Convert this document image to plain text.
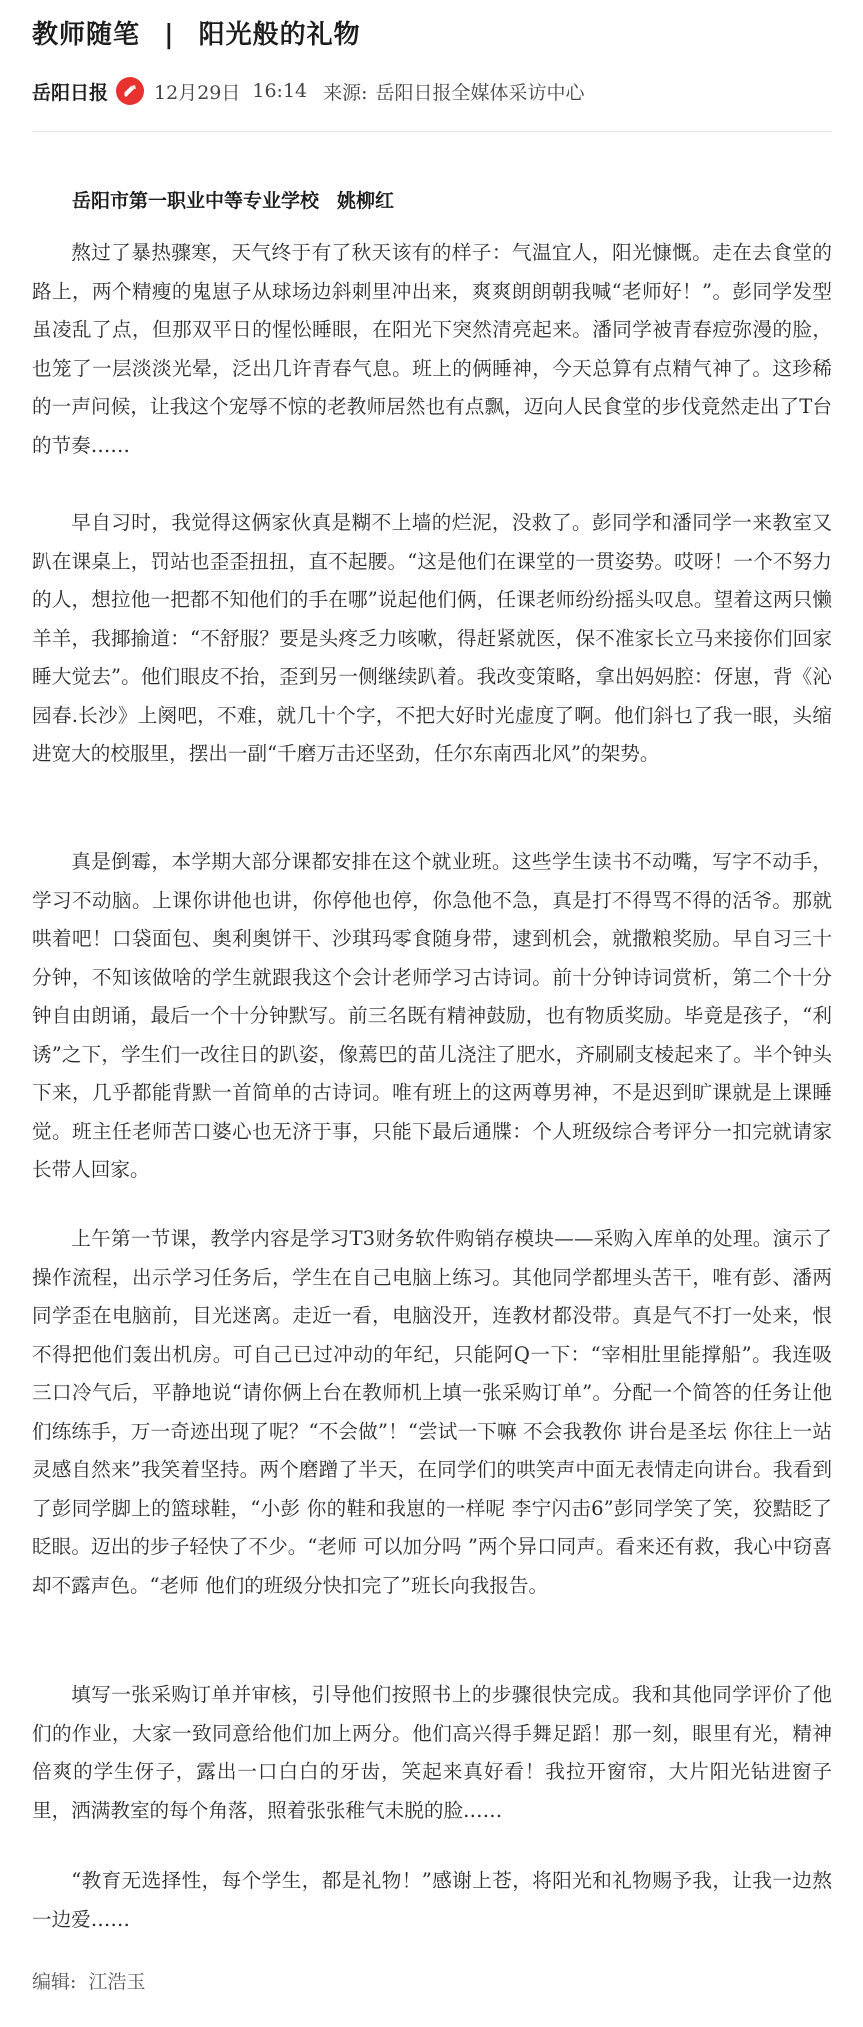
教师随笔 | 阳光般的礼物
岳阳日报 12月29日 16:14 来源: 岳阳日报全媒体采访中心
岳阳市第一职业中等专业学校 姚柳红

熬过了暴热骤寒，天气终于有了秋天该有的样子：气温宜人，阳光慷慨。走在去食堂的路上，两个精瘦的鬼崽子从球场边斜刺里冲出来，爽爽朗朗朝我喊“老师好！”。彭同学发型虽凌乱了点，但那双平日的惺忪睡眼，在阳光下突然清亮起来。潘同学被青春痘弥漫的脸，也笼了一层淡淡光晕，泛出几许青春气息。班上的俩睡神，今天总算有点精气神了。这珍稀的一声问候，让我这个宠辱不惊的老教师居然也有点飘，迈向人民食堂的步伐竟然走出了T台的节奏……

早自习时，我觉得这俩家伙真是糊不上墙的烂泥，没救了。彭同学和潘同学一来教室又趴在课桌上，罚站也歪歪扭扭，直不起腰。“这是他们在课堂的一贯姿势。哎呀！一个不努力的人，想拉他一把都不知他们的手在哪”说起他们俩，任课老师纷纷摇头叹息。望着这两只懒羊羊，我揶揄道：“不舒服？要是头疼乏力咳嗽，得赶紧就医，保不准家长立马来接你们回家睡大觉去”。他们眼皮不抬，歪到另一侧继续趴着。我改变策略，拿出妈妈腔：伢崽，背《沁园春.长沙》上阕吧，不难，就几十个字，不把大好时光虚度了啊。他们斜乜了我一眼，头缩进宽大的校服里，摆出一副“千磨万击还坚劲，任尔东南西北风”的架势。

真是倒霉，本学期大部分课都安排在这个就业班。这些学生读书不动嘴，写字不动手，学习不动脑。上课你讲他也讲，你停他也停，你急他不急，真是打不得骂不得的活爷。那就哄着吧！口袋面包、奥利奥饼干、沙琪玛零食随身带，逮到机会，就撒粮奖励。早自习三十分钟，不知该做啥的学生就跟我这个会计老师学习古诗词。前十分钟诗词赏析，第二个十分钟自由朗诵，最后一个十分钟默写。前三名既有精神鼓励，也有物质奖励。毕竟是孩子，“利诱”之下，学生们一改往日的趴姿，像蔫巴的苗儿浇注了肥水，齐刷刷支棱起来了。半个钟头下来，几乎都能背默一首简单的古诗词。唯有班上的这两尊男神，不是迟到旷课就是上课睡觉。班主任老师苦口婆心也无济于事，只能下最后通牒：个人班级综合考评分一扣完就请家长带人回家。

上午第一节课，教学内容是学习T3财务软件购销存模块——采购入库单的处理。演示了操作流程，出示学习任务后，学生在自己电脑上练习。其他同学都埋头苦干，唯有彭、潘两同学歪在电脑前，目光迷离。走近一看，电脑没开，连教材都没带。真是气不打一处来，恨不得把他们轰出机房。可自己已过冲动的年纪，只能阿Q一下：“宰相肚里能撑船”。我连吸三口冷气后，平静地说“请你俩上台在教师机上填一张采购订单”。分配一个简答的任务让他们练练手，万一奇迹出现了呢？“不会做”！“尝试一下嘛 不会我教你 讲台是圣坛 你往上一站 灵感自然来”我笑着坚持。两个磨蹭了半天，在同学们的哄笑声中面无表情走向讲台。我看到了彭同学脚上的篮球鞋，“小彭 你的鞋和我崽的一样呢 李宁闪击6”彭同学笑了笑，狡黠眨了眨眼。迈出的步子轻快了不少。“老师 可以加分吗 ”两个异口同声。看来还有救，我心中窃喜却不露声色。“老师 他们的班级分快扣完了”班长向我报告。

填写一张采购订单并审核，引导他们按照书上的步骤很快完成。我和其他同学评价了他们的作业，大家一致同意给他们加上两分。他们高兴得手舞足蹈！那一刻，眼里有光，精神倍爽的学生伢子，露出一口白白的牙齿，笑起来真好看！我拉开窗帘，大片阳光钻进窗子里，洒满教室的每个角落，照着张张稚气未脱的脸……

“教育无选择性，每个学生，都是礼物！”感谢上苍，将阳光和礼物赐予我，让我一边熬一边爱……

编辑: 江浩玉
